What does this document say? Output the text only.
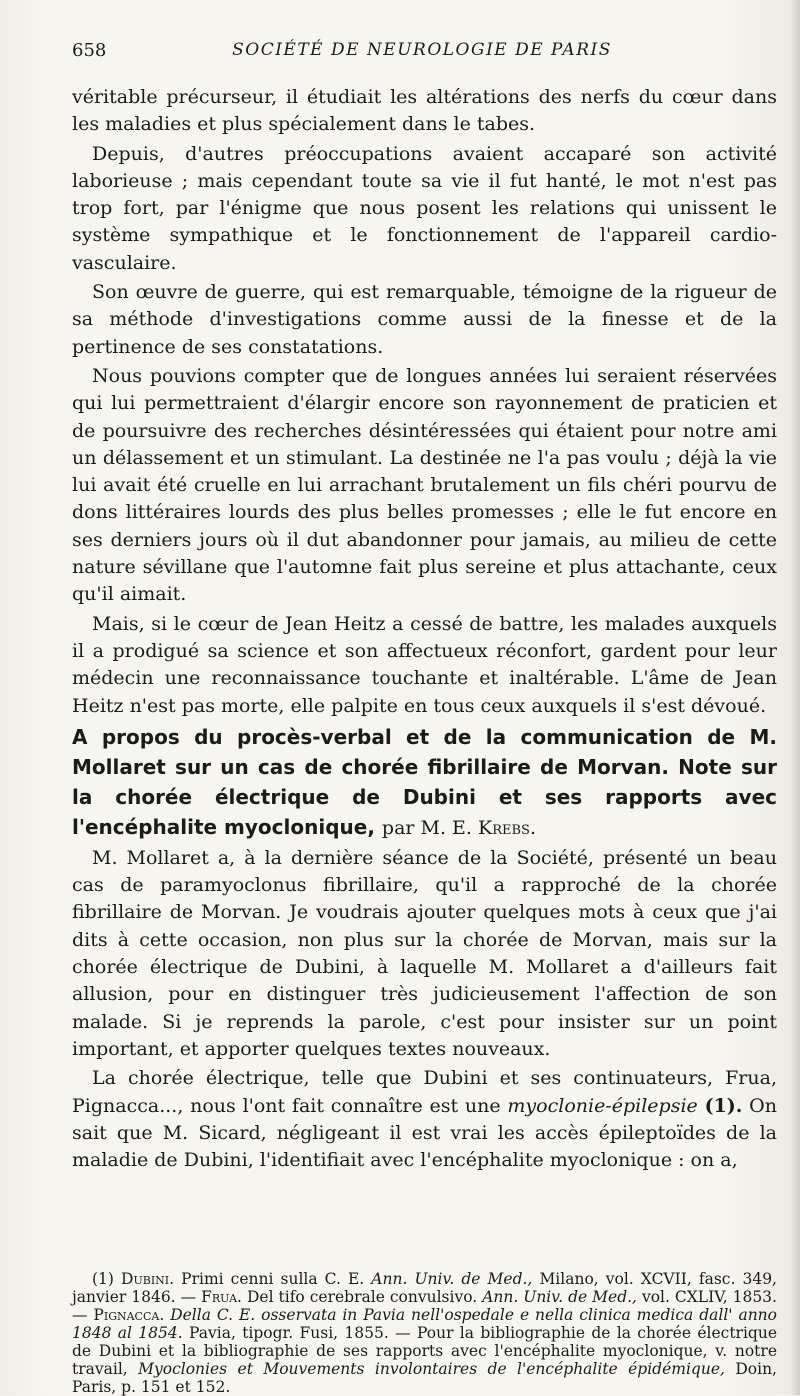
658	SOCIÉTÉ DE NEUROLOGIE DE PARIS

véritable précurseur, il étudiait les altérations des nerfs du cœur dans les maladies et plus spécialement dans le tabes.

Depuis, d'autres préoccupations avaient accaparé son activité laborieuse ; mais cependant toute sa vie il fut hanté, le mot n'est pas trop fort, par l'énigme que nous posent les relations qui unissent le système sympathique et le fonctionnement de l'appareil cardio-vasculaire.

Son œuvre de guerre, qui est remarquable, témoigne de la rigueur de sa méthode d'investigations comme aussi de la finesse et de la pertinence de ses constatations.

Nous pouvions compter que de longues années lui seraient réservées qui lui permettraient d'élargir encore son rayonnement de praticien et de poursuivre des recherches désintéressées qui étaient pour notre ami un délassement et un stimulant. La destinée ne l'a pas voulu ; déjà la vie lui avait été cruelle en lui arrachant brutalement un fils chéri pourvu de dons littéraires lourds des plus belles promesses ; elle le fut encore en ses derniers jours où il dut abandonner pour jamais, au milieu de cette nature sévillane que l'automne fait plus sereine et plus attachante, ceux qu'il aimait.

Mais, si le cœur de Jean Heitz a cessé de battre, les malades auxquels il a prodigué sa science et son affectueux réconfort, gardent pour leur médecin une reconnaissance touchante et inaltérable. L'âme de Jean Heitz n'est pas morte, elle palpite en tous ceux auxquels il s'est dévoué.

A propos du procès-verbal et de la communication de M. Mollaret sur un cas de chorée fibrillaire de Morvan. Note sur la chorée électrique de Dubini et ses rapports avec l'encéphalite myoclonique, par M. E. Krebs.

M. Mollaret a, à la dernière séance de la Société, présenté un beau cas de paramyoclonus fibrillaire, qu'il a rapproché de la chorée fibrillaire de Morvan. Je voudrais ajouter quelques mots à ceux que j'ai dits à cette occasion, non plus sur la chorée de Morvan, mais sur la chorée électrique de Dubini, à laquelle M. Mollaret a d'ailleurs fait allusion, pour en distinguer très judicieusement l'affection de son malade. Si je reprends la parole, c'est pour insister sur un point important, et apporter quelques textes nouveaux.

La chorée électrique, telle que Dubini et ses continuateurs, Frua, Pignacca..., nous l'ont fait connaître est une myoclonie-épilepsie (1). On sait que M. Sicard, négligeant il est vrai les accès épileptoïdes de la maladie de Dubini, l'identifiait avec l'encéphalite myoclonique : on a,

(1) Dubini. Primi cenni sulla C. E. Ann. Univ. de Med., Milano, vol. XCVII, fasc. 349, janvier 1846. — Frua. Del tifo cerebrale convulsivo. Ann. Univ. de Med., vol. CXLIV, 1853. — Pignacca. Della C. E. osservata in Pavia nell'ospedale e nella clinica medica dall' anno 1848 al 1854. Pavia, tipogr. Fusi, 1855. — Pour la bibliographie de la chorée électrique de Dubini et la bibliographie de ses rapports avec l'encéphalite myoclonique, v. notre travail, Myoclonies et Mouvements involontaires de l'encéphalite épidémique, Doin, Paris, p. 151 et 152.
